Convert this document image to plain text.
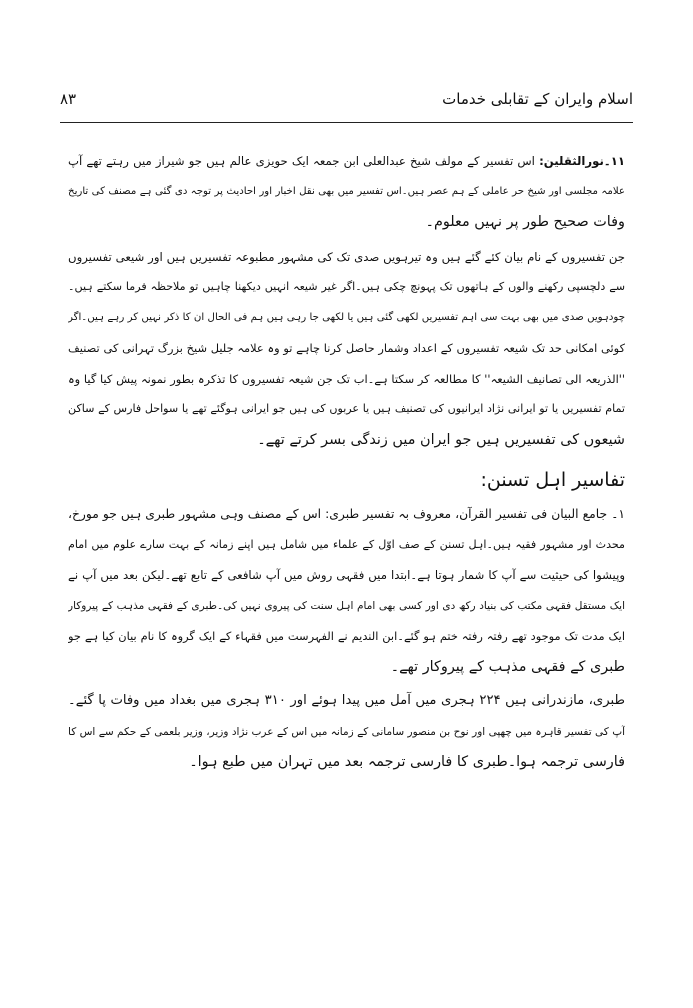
اسلام وایران کے تقابلی خدمات
۸۳
۱۱۔نورالثقلین: اس تفسیر کے مولف شیخ عبدالعلی ابن جمعہ ایک حویزی عالم ہیں جو شیراز میں رہتے تھے آپ
علامہ مجلسی اور شیخ حر عاملی کے ہم عصر ہیں۔اس تفسیر میں بھی نقل اخبار اور احادیث پر توجہ دی گئی ہے مصنف کی تاریخ
وفات صحیح طور پر نہیں معلوم۔
جن تفسیروں کے نام بیان کئے گئے ہیں وہ تیرہویں صدی تک کی مشہور مطبوعہ تفسیریں ہیں اور شیعی تفسیروں
سے دلچسپی رکھنے والوں کے ہاتھوں تک پہونچ چکی ہیں۔اگر غیر شیعہ انہیں دیکھنا چاہیں تو ملاحظہ فرما سکتے ہیں۔
چودہویں صدی میں بھی بہت سی اہم تفسیریں لکھی گئی ہیں یا لکھی جا رہی ہیں ہم فی الحال ان کا ذکر نہیں کر رہے ہیں۔اگر
کوئی امکانی حد تک شیعہ تفسیروں کے اعداد وشمار حاصل کرنا چاہے تو وہ علامہ جلیل شیخ بزرگ تہرانی کی تصنیف
''الذریعہ الی تصانیف الشیعہ'' کا مطالعہ کر سکتا ہے۔اب تک جن شیعہ تفسیروں کا تذکرہ بطور نمونہ پیش کیا گیا وہ
تمام تفسیریں یا تو ایرانی نژاد ایرانیوں کی تصنیف ہیں یا عربوں کی ہیں جو ایرانی ہوگئے تھے یا سواحل فارس کے ساکن
شیعوں کی تفسیریں ہیں جو ایران میں زندگی بسر کرتے تھے۔
تفاسیر اہل تسنن:
۱۔ جامع البیان فی تفسیر القرآن، معروف بہ تفسیر طبری: اس کے مصنف وہی مشہور طبری ہیں جو مورخ،
محدث اور مشہور فقیہ ہیں۔اہل تسنن کے صف اوّل کے علماء میں شامل ہیں اپنے زمانہ کے بہت سارے علوم میں امام
وپیشوا کی حیثیت سے آپ کا شمار ہوتا ہے۔ابتدا میں فقہی روش میں آپ شافعی کے تابع تھے۔لیکن بعد میں آپ نے
ایک مستقل فقہی مکتب کی بنیاد رکھ دی اور کسی بھی امام اہل سنت کی پیروی نہیں کی۔طبری کے فقہی مذہب کے پیروکار
ایک مدت تک موجود تھے رفتہ رفتہ ختم ہو گئے۔ابن الندیم نے الفہرست میں فقہاء کے ایک گروہ کا نام بیان کیا ہے جو
طبری کے فقہی مذہب کے پیروکار تھے۔
طبری، مازندرانی ہیں ۲۲۴ ہجری میں آمل میں پیدا ہوئے اور ۳۱۰ ہجری میں بغداد میں وفات پا گئے۔
آپ کی تفسیر قاہرہ میں چھپی اور نوح بن منصور سامانی کے زمانہ میں اس کے عرب نژاد وزیر، وزیر بلعمی کے حکم سے اس کا
فارسی ترجمہ ہوا۔طبری کا فارسی ترجمہ بعد میں تہران میں طبع ہوا۔
